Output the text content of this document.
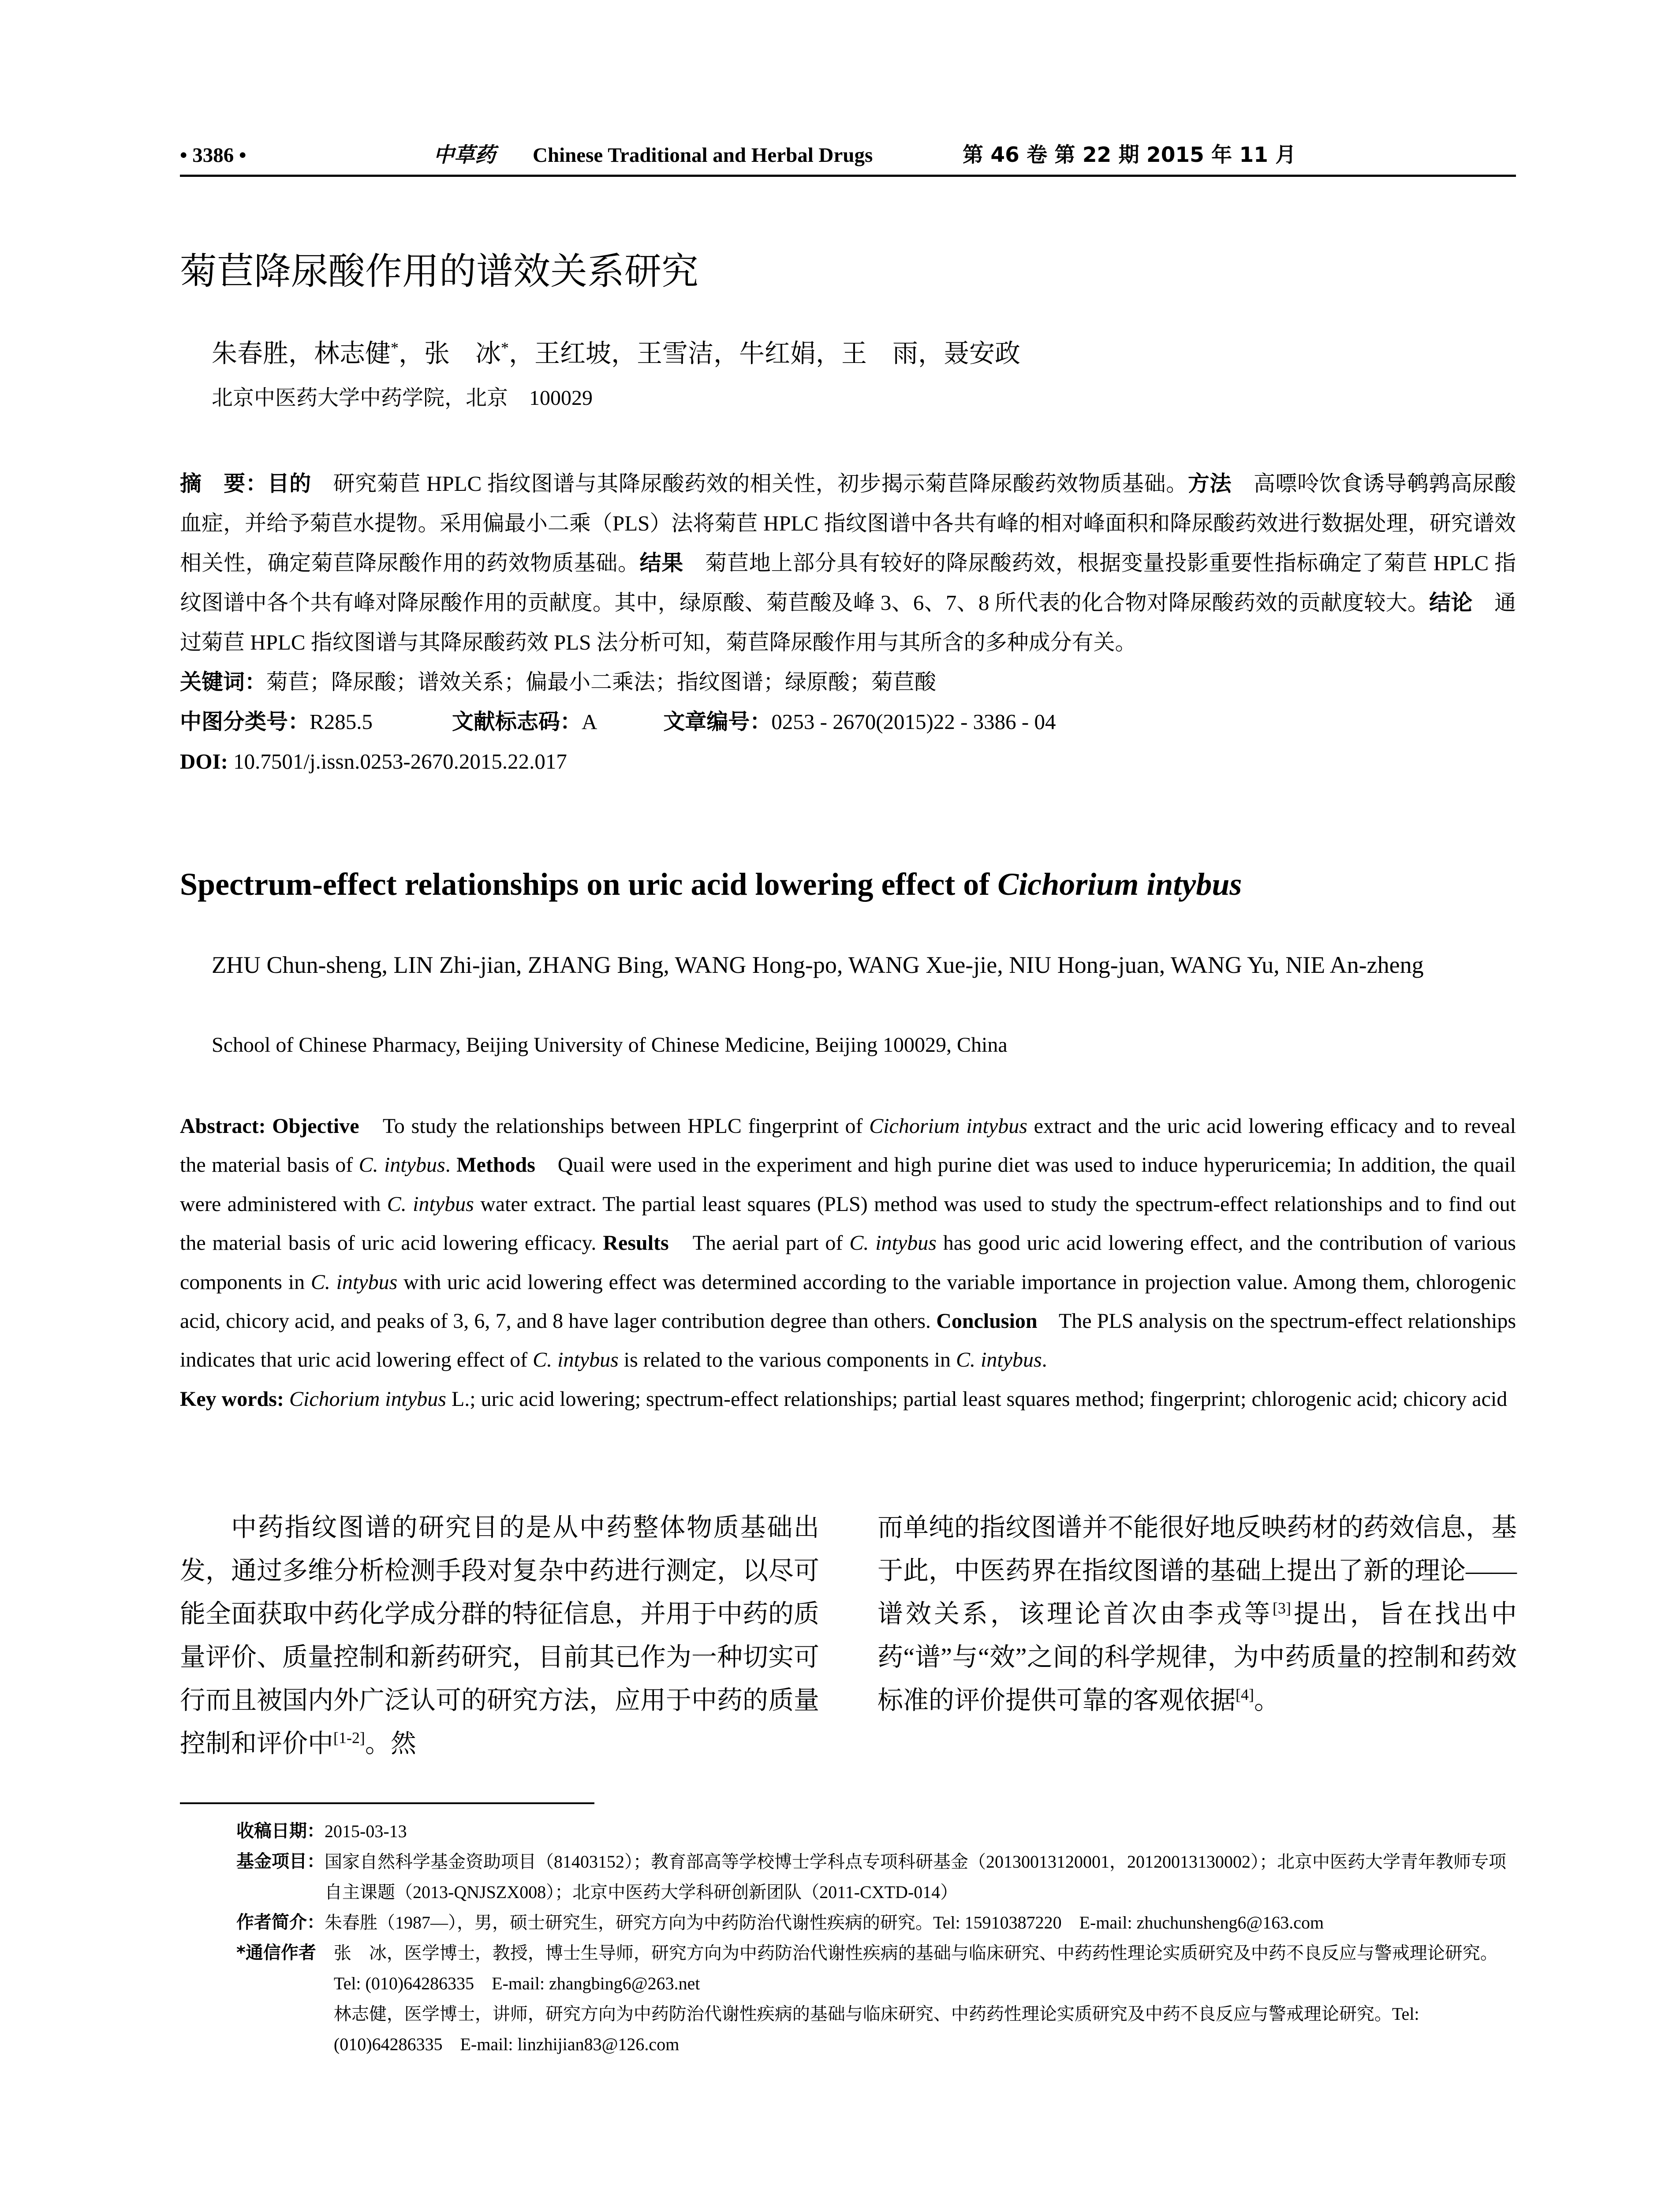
• 3386 •	中草药 Chinese Traditional and Herbal Drugs	第 46 卷 第 22 期 2015 年 11 月
菊苣降尿酸作用的谱效关系研究
朱春胜，林志健*，张　冰*，王红坡，王雪洁，牛红娟，王　雨，聂安政
北京中医药大学中药学院，北京　100029

摘　要：目的　 研究菊苣 HPLC 指纹图谱与其降尿酸药效的相关性，初步揭示菊苣降尿酸药效物质基础。方法　 高嘌呤饮食诱导鹌鹑高尿酸血症，并给予菊苣水提物。采用偏最小二乘（PLS）法将菊苣 HPLC 指纹图谱中各共有峰的相对峰面积和降尿酸药效进行数据处理，研究谱效相关性，确定菊苣降尿酸作用的药效物质基础。结果　 菊苣地上部分具有较好的降尿酸药效，根据变量投影重要性指标确定了菊苣 HPLC 指纹图谱中各个共有峰对降尿酸作用的贡献度。其中，绿原酸、菊苣酸及峰 3、6、7、8 所代表的化合物对降尿酸药效的贡献度较大。结论　 通过菊苣 HPLC 指纹图谱与其降尿酸药效 PLS 法分析可知，菊苣降尿酸作用与其所含的多种成分有关。

关键词：菊苣；降尿酸；谱效关系；偏最小二乘法；指纹图谱；绿原酸；菊苣酸

中图分类号：R285.5	文献标志码：A	文章编号：0253 - 2670(2015)22 - 3386 - 04

DOI: 10.7501/j.issn.0253-2670.2015.22.017

Spectrum-effect relationships on uric acid lowering effect of Cichorium intybus
ZHU Chun-sheng, LIN Zhi-jian, ZHANG Bing, WANG Hong-po, WANG Xue-jie, NIU Hong-juan, WANG Yu, NIE An-zheng
School of Chinese Pharmacy, Beijing University of Chinese Medicine, Beijing 100029, China

Abstract: Objective　 To study the relationships between HPLC fingerprint of Cichorium intybus extract and the uric acid lowering efficacy and to reveal the material basis of C. intybus. Methods　 Quail were used in the experiment and high purine diet was used to induce hyperuricemia; In addition, the quail were administered with C. intybus water extract. The partial least squares (PLS) method was used to study the spectrum-effect relationships and to find out the material basis of uric acid lowering efficacy. Results　 The aerial part of C. intybus has good uric acid lowering effect, and the contribution of various components in C. intybus with uric acid lowering effect was determined according to the variable importance in projection value. Among them, chlorogenic acid, chicory acid, and peaks of 3, 6, 7, and 8 have lager contribution degree than others. Conclusion　 The PLS analysis on the spectrum-effect relationships indicates that uric acid lowering effect of C. intybus is related to the various components in C. intybus.

Key words: Cichorium intybus L.; uric acid lowering; spectrum-effect relationships; partial least squares method; fingerprint; chlorogenic acid; chicory acid

中药指纹图谱的研究目的是从中药整体物质基础出发，通过多维分析检测手段对复杂中药进行测定，以尽可能全面获取中药化学成分群的特征信息，并用于中药的质量评价、质量控制和新药研究，目前其已作为一种切实可行而且被国内外广泛认可的研究方法，应用于中药的质量控制和评价中[1-2]。然

而单纯的指纹图谱并不能很好地反映药材的药效信息，基于此，中医药界在指纹图谱的基础上提出了新的理论——谱效关系，该理论首次由李戎等[3]提出，旨在找出中药“谱”与“效”之间的科学规律，为中药质量的控制和药效标准的评价提供可靠的客观依据[4]。

收稿日期： 2015-03-13
基金项目： 国家自然科学基金资助项目（81403152）；教育部高等学校博士学科点专项科研基金（20130013120001，20120013130002）；北京中医药大学青年教师专项自主课题（2013-QNJSZX008）；北京中医药大学科研创新团队（2011-CXTD-014）
作者简介： 朱春胜（1987—），男，硕士研究生，研究方向为中药防治代谢性疾病的研究。Tel: 15910387220　E-mail: zhuchunsheng6@163.com
*通信作者	张　冰，医学博士，教授，博士生导师，研究方向为中药防治代谢性疾病的基础与临床研究、中药药性理论实质研究及中药不良反应与警戒理论研究。Tel: (010)64286335　E-mail: zhangbing6@263.net
林志健，医学博士，讲师，研究方向为中药防治代谢性疾病的基础与临床研究、中药药性理论实质研究及中药不良反应与警戒理论研究。Tel: (010)64286335　E-mail: linzhijian83@126.com
